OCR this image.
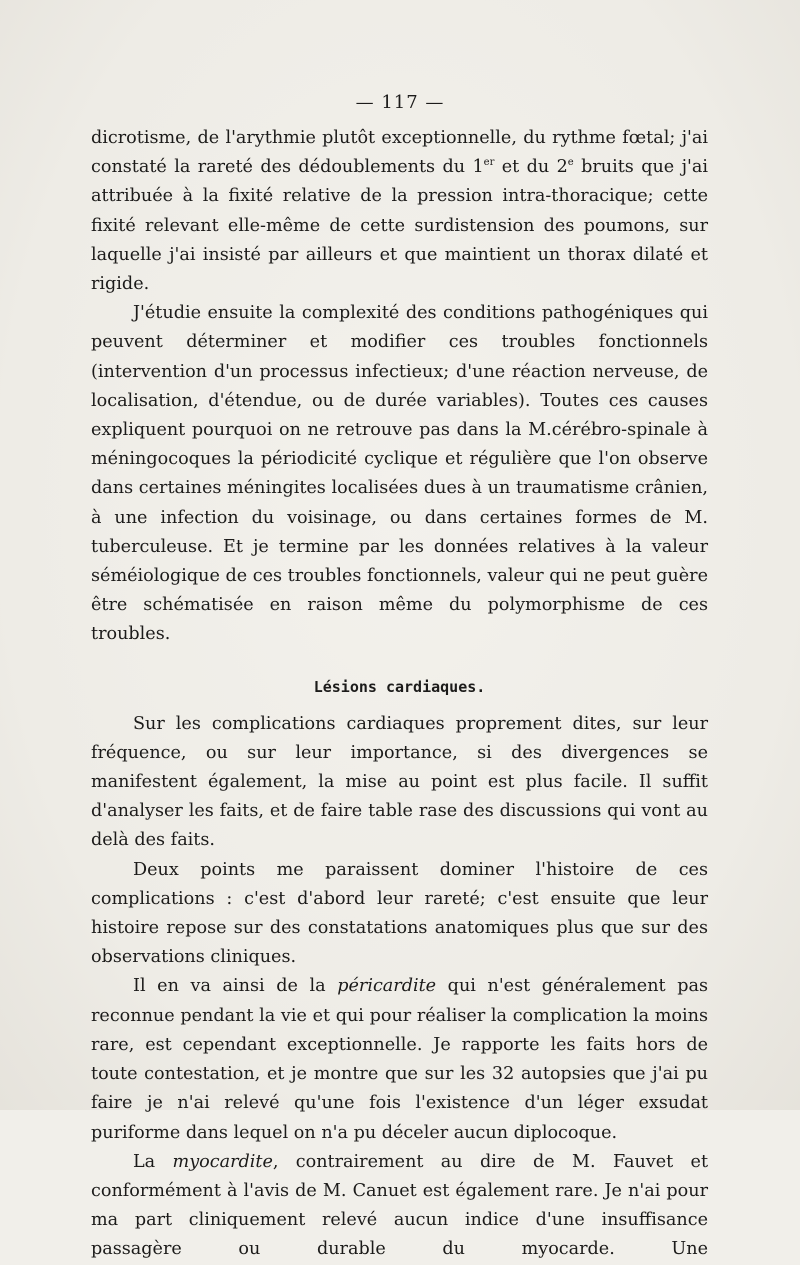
— 117 —

dicrotisme, de l'arythmie plutôt exceptionnelle, du rythme fœtal; j'ai constaté la rareté des dédoublements du 1er et du 2e bruits que j'ai attribuée à la fixité relative de la pression intra-thoracique; cette fixité relevant elle-même de cette surdistension des poumons, sur laquelle j'ai insisté par ailleurs et que maintient un thorax dilaté et rigide.

J'étudie ensuite la complexité des conditions pathogéniques qui peuvent déterminer et modifier ces troubles fonctionnels (intervention d'un processus infectieux; d'une réaction nerveuse, de localisation, d'étendue, ou de durée variables). Toutes ces causes expliquent pourquoi on ne retrouve pas dans la M.cérébro-spinale à méningocoques la périodicité cyclique et régulière que l'on observe dans certaines méningites localisées dues à un traumatisme crânien, à une infection du voisinage, ou dans certaines formes de M. tuberculeuse. Et je termine par les données relatives à la valeur séméiologique de ces troubles fonctionnels, valeur qui ne peut guère être schématisée en raison même du polymorphisme de ces troubles.

Lésions cardiaques.

Sur les complications cardiaques proprement dites, sur leur fréquence, ou sur leur importance, si des divergences se manifestent également, la mise au point est plus facile. Il suffit d'analyser les faits, et de faire table rase des discussions qui vont au delà des faits.

Deux points me paraissent dominer l'histoire de ces complications : c'est d'abord leur rareté; c'est ensuite que leur histoire repose sur des constatations anatomiques plus que sur des observations cliniques.

Il en va ainsi de la péricardite qui n'est généralement pas reconnue pendant la vie et qui pour réaliser la complication la moins rare, est cependant exceptionnelle. Je rapporte les faits hors de toute contestation, et je montre que sur les 32 autopsies que j'ai pu faire je n'ai relevé qu'une fois l'existence d'un léger exsudat puriforme dans lequel on n'a pu déceler aucun diplocoque.

La myocardite, contrairement au dire de M. Fauvet et conformément à l'avis de M. Canuet est également rare. Je n'ai pour ma part cliniquement relevé aucun indice d'une insuffisance passagère ou durable du myocarde. Une
